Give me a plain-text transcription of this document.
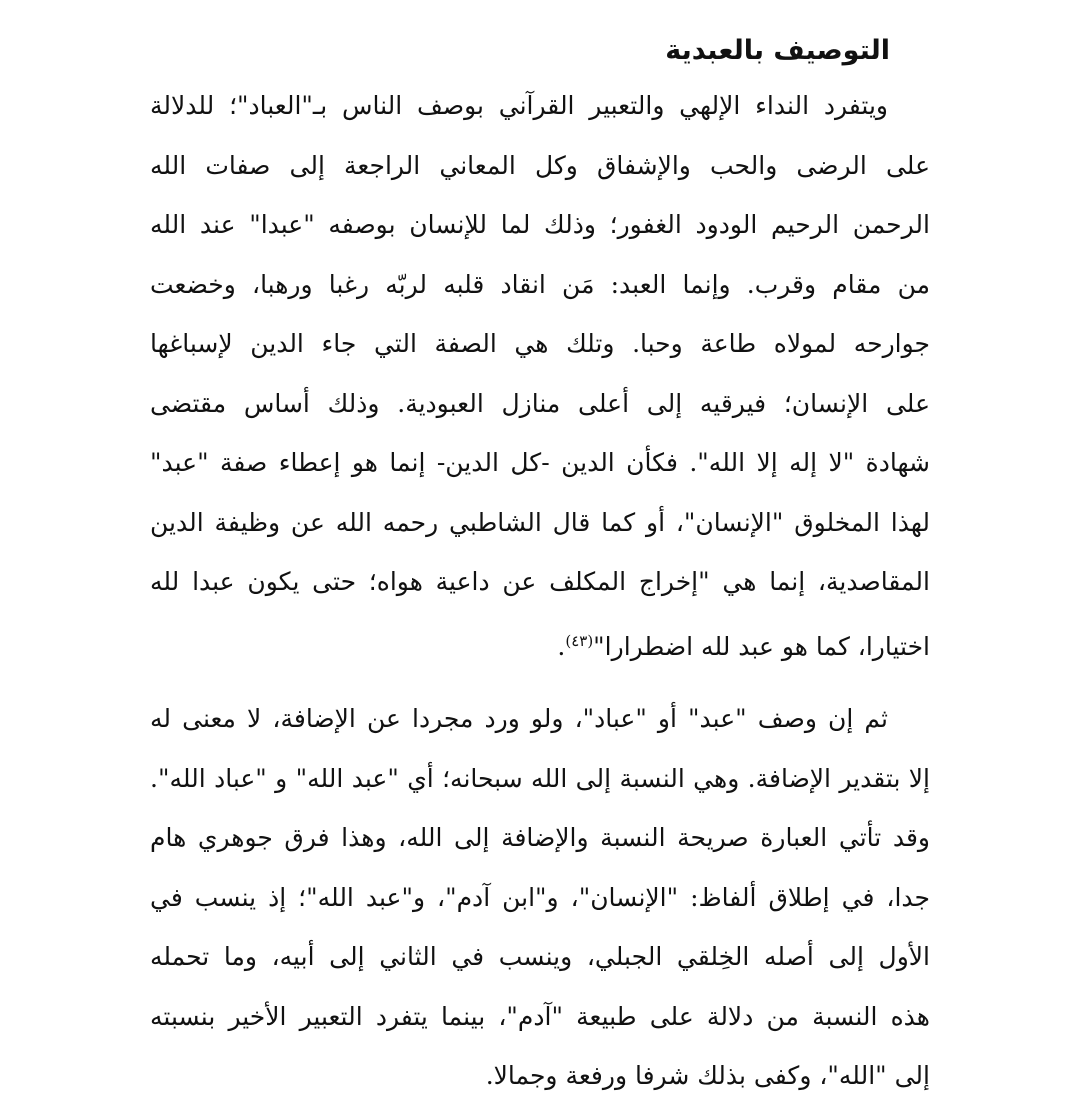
التوصيف بالعبدية
ويتفرد النداء الإلهي والتعبير القرآني بوصف الناس بـ"العباد"؛ للدلالة
على الرضى والحب والإشفاق وكل المعاني الراجعة إلى صفات الله
الرحمن الرحيم الودود الغفور؛ وذلك لما للإنسان بوصفه "عبدا" عند الله
من مقام وقرب. وإنما العبد: مَن انقاد قلبه لربّه رغبا ورهبا، وخضعت
جوارحه لمولاه طاعة وحبا. وتلك هي الصفة التي جاء الدين لإسباغها
على الإنسان؛ فيرقيه إلى أعلى منازل العبودية. وذلك أساس مقتضى
شهادة "لا إله إلا الله". فكأن الدين -كل الدين- إنما هو إعطاء صفة "عبد"
لهذا المخلوق "الإنسان"، أو كما قال الشاطبي رحمه الله عن وظيفة الدين
المقاصدية، إنما هي "إخراج المكلف عن داعية هواه؛ حتى يكون عبدا لله
اختيارا، كما هو عبد لله اضطرارا"$^{(٤٣)}$.
ثم إن وصف "عبد" أو "عباد"، ولو ورد مجردا عن الإضافة، لا معنى له
إلا بتقدير الإضافة. وهي النسبة إلى الله سبحانه؛ أي "عبد الله" و "عباد الله".
وقد تأتي العبارة صريحة النسبة والإضافة إلى الله، وهذا فرق جوهري هام
جدا، في إطلاق ألفاظ: "الإنسان"، و"ابن آدم"، و"عبد الله"؛ إذ ينسب في
الأول إلى أصله الخِلقي الجبلي، وينسب في الثاني إلى أبيه، وما تحمله
هذه النسبة من دلالة على طبيعة "آدم"، بينما يتفرد التعبير الأخير بنسبته
إلى "الله"، وكفى بذلك شرفا ورفعة وجمالا.
